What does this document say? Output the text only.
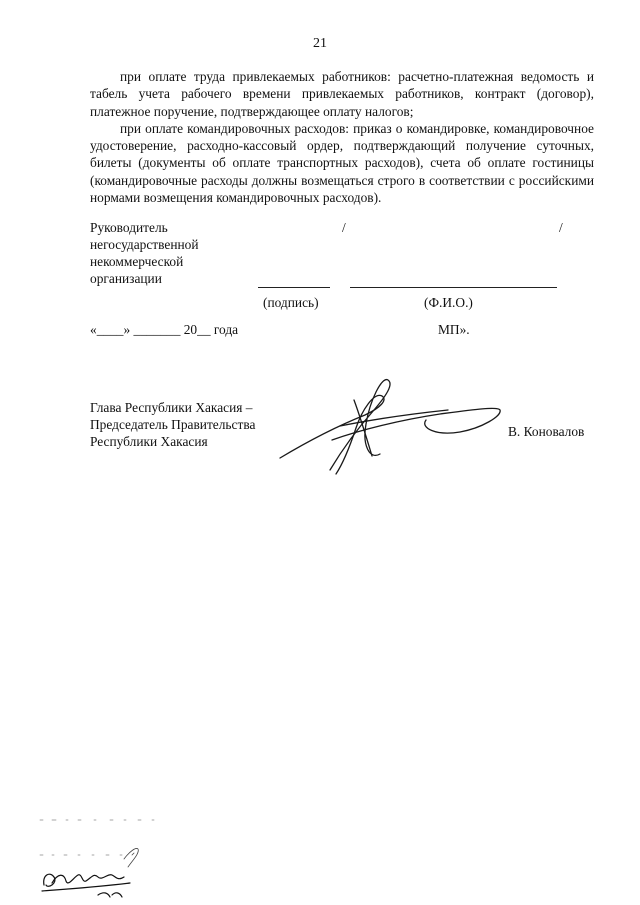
21

при оплате труда привлекаемых работников: расчетно-платежная ведомость и табель учета рабочего времени привлекаемых работников, контракт (договор), платежное поручение, подтверждающее оплату налогов;

при оплате командировочных расходов: приказ о командировке, командировочное удостоверение, расходно-кассовый ордер, подтверждающий получение суточных, билеты (документы об оплате транспортных расходов), счета об оплате гостиницы (командировочные расходы должны возмещаться строго в соответствии с российскими нормами возмещения командировочных расходов).

Руководитель
негосударственной
некоммерческой
организации
/	/
(подпись)	(Ф.И.О.)
«____» _______ 20__ года	МП».
Глава Республики Хакасия –
Председатель Правительства
Республики Хакасия
В. Коновалов
